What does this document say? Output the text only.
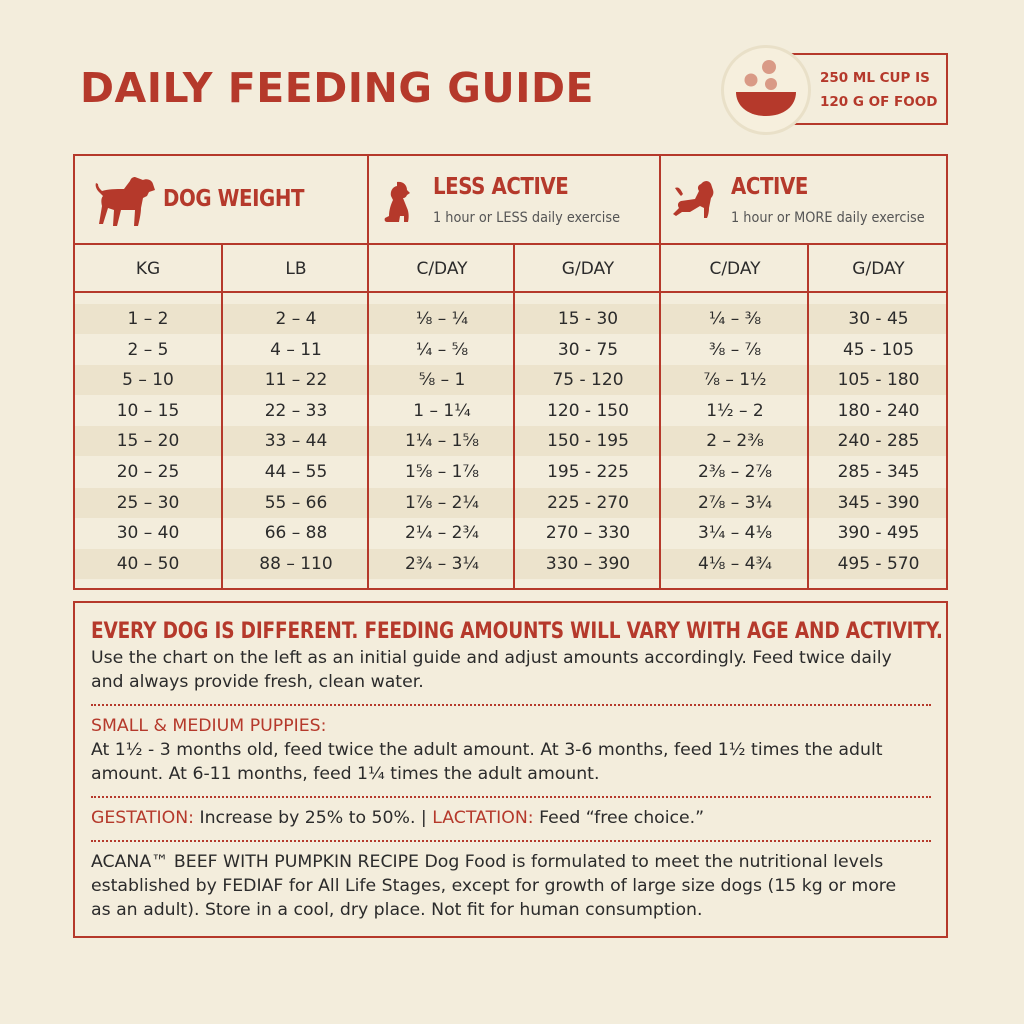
DAILY FEEDING GUIDE	250 ML CUP IS
120 G OF FOOD
DOG WEIGHT	LESS ACTIVE
1 hour or LESS daily exercise
ACTIVE
1 hour or MORE daily exercise
KG	LB	C/DAY	G/DAY	C/DAY	G/DAY
1 – 2	2 – 4	⅛ – ¼	15 - 30	¼ – ⅜	30 - 45
2 – 5	4 – 11	¼ – ⅝	30 - 75	⅜ – ⅞	45 - 105
5 – 10	11 – 22	⅝ – 1	75 - 120	⅞ – 1½	105 - 180
10 – 15	22 – 33	1 – 1¼	120 - 150	1½ – 2	180 - 240
15 – 20	33 – 44	1¼ – 1⅝	150 - 195	2 – 2⅜	240 - 285
20 – 25	44 – 55	1⅝ – 1⅞	195 - 225	2⅜ – 2⅞	285 - 345
25 – 30	55 – 66	1⅞ – 2¼	225 - 270	2⅞ – 3¼	345 - 390
30 – 40	66 – 88	2¼ – 2¾	270 – 330	3¼ – 4⅛	390 - 495
40 – 50	88 – 110	2¾ – 3¼	330 – 390	4⅛ – 4¾	495 - 570
EVERY DOG IS DIFFERENT. FEEDING AMOUNTS WILL VARY WITH AGE AND ACTIVITY.
Use the chart on the left as an initial guide and adjust amounts accordingly. Feed twice daily and always provide fresh, clean water.
SMALL & MEDIUM PUPPIES:
At 1½ - 3 months old, feed twice the adult amount. At 3-6 months, feed 1½ times the adult amount. At 6-11 months, feed 1¼ times the adult amount.
GESTATION: Increase by 25% to 50%. | LACTATION: Feed “free choice.”
ACANA™ BEEF WITH PUMPKIN RECIPE Dog Food is formulated to meet the nutritional levels established by FEDIAF for All Life Stages, except for growth of large size dogs (15 kg or more as an adult). Store in a cool, dry place. Not fit for human consumption.
